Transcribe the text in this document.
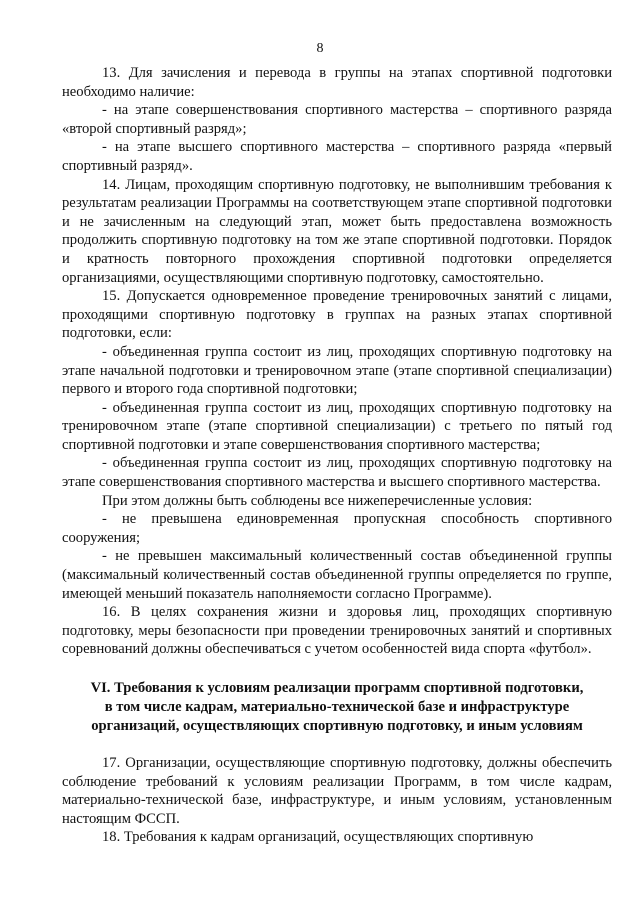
8

13. Для зачисления и перевода в группы на этапах спортивной подготовки необходимо наличие:

- на этапе совершенствования спортивного мастерства – спортивного разряда «второй спортивный разряд»;

- на этапе высшего спортивного мастерства – спортивного разряда «первый спортивный разряд».

14. Лицам, проходящим спортивную подготовку, не выполнившим требования к результатам реализации Программы на соответствующем этапе спортивной подготовки и не зачисленным на следующий этап, может быть предоставлена возможность продолжить спортивную подготовку на том же этапе спортивной подготовки. Порядок и кратность повторного прохождения спортивной подготовки определяется организациями, осуществляющими спортивную подготовку, самостоятельно.

15. Допускается одновременное проведение тренировочных занятий с лицами, проходящими спортивную подготовку в группах на разных этапах спортивной подготовки, если:

- объединенная группа состоит из лиц, проходящих спортивную подготовку на этапе начальной подготовки и тренировочном этапе (этапе спортивной специализации) первого и второго года спортивной подготовки;

- объединенная группа состоит из лиц, проходящих спортивную подготовку на тренировочном этапе (этапе спортивной специализации) с третьего по пятый год спортивной подготовки и этапе совершенствования спортивного мастерства;

- объединенная группа состоит из лиц, проходящих спортивную подготовку на этапе совершенствования спортивного мастерства и высшего спортивного мастерства.

При этом должны быть соблюдены все нижеперечисленные условия:

- не превышена единовременная пропускная способность спортивного сооружения;

- не превышен максимальный количественный состав объединенной группы (максимальный количественный состав объединенной группы определяется по группе, имеющей меньший показатель наполняемости согласно Программе).

16. В целях сохранения жизни и здоровья лиц, проходящих спортивную подготовку, меры безопасности при проведении тренировочных занятий и спортивных соревнований должны обеспечиваться с учетом особенностей вида спорта «футбол».

VI. Требования к условиям реализации программ спортивной подготовки,
в том числе кадрам, материально-технической базе и инфраструктуре
организаций, осуществляющих спортивную подготовку, и иным условиям

17. Организации, осуществляющие спортивную подготовку, должны обеспечить соблюдение требований к условиям реализации Программ, в том числе кадрам, материально-технической базе, инфраструктуре, и иным условиям, установленным настоящим ФССП.

18. Требования к кадрам организаций, осуществляющих спортивную
